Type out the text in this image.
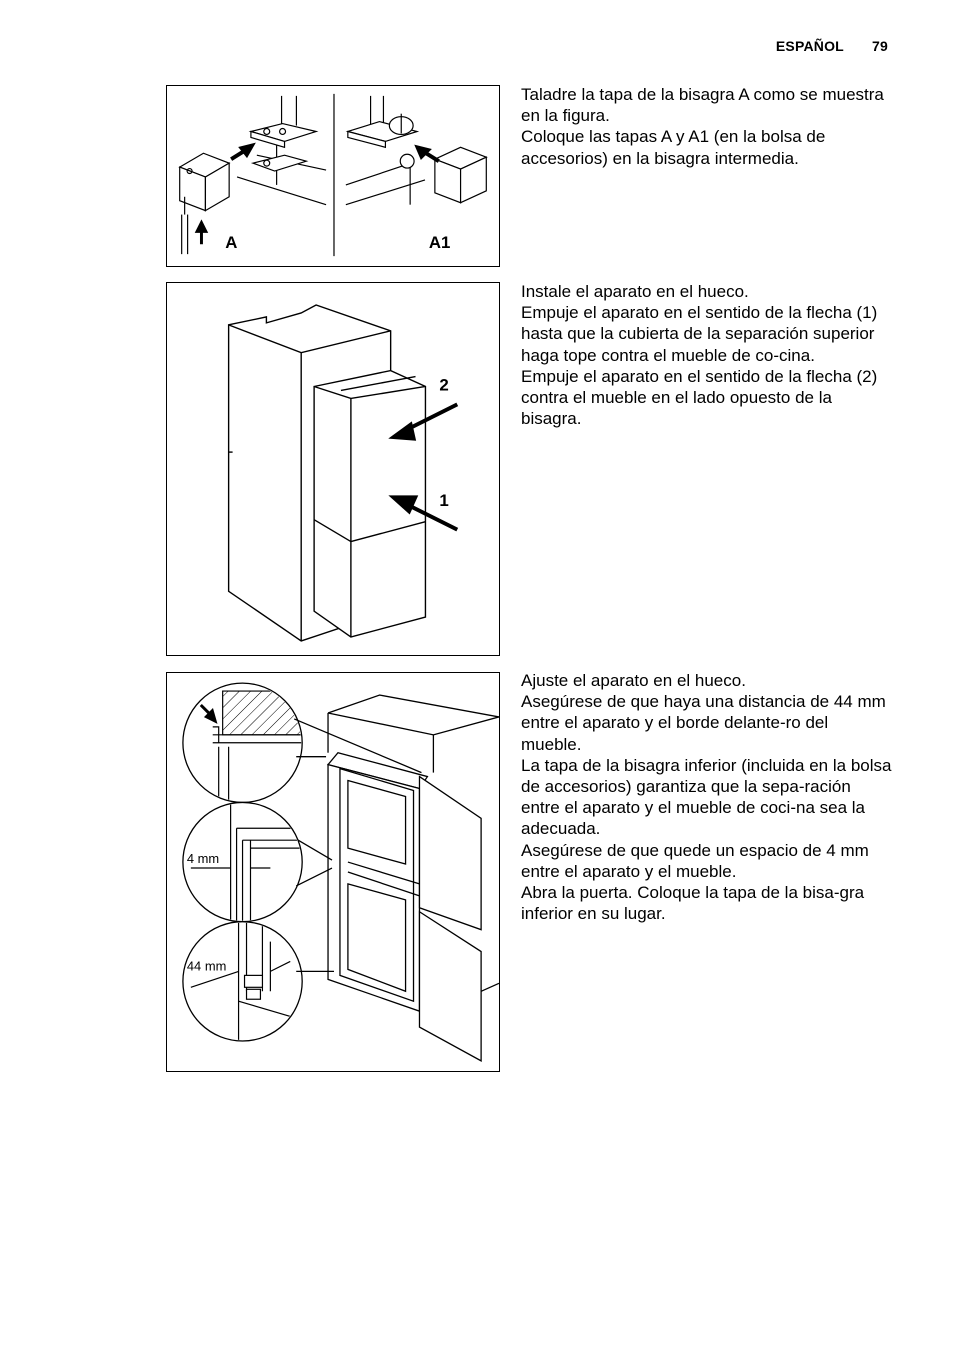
ESPAÑOL 79
A	A1

Taladre la tapa de la bisagra A como se muestra en la figura.

Coloque las tapas A y A1 (en la bolsa de accesorios) en la bisagra intermedia.

2
1

Instale el aparato en el hueco.

Empuje el aparato en el sentido de la flecha (1) hasta que la cubierta de la separación superior haga tope contra el mueble de co-cina.

Empuje el aparato en el sentido de la flecha (2) contra el mueble en el lado opuesto de la bisagra.

4 mm
44 mm

Ajuste el aparato en el hueco.

Asegúrese de que haya una distancia de 44 mm entre el aparato y el borde delante-ro del mueble.

La tapa de la bisagra inferior (incluida en la bolsa de accesorios) garantiza que la sepa-ración entre el aparato y el mueble de coci-na sea la adecuada.

Asegúrese de que quede un espacio de 4 mm entre el aparato y el mueble.

Abra la puerta. Coloque la tapa de la bisa-gra inferior en su lugar.
